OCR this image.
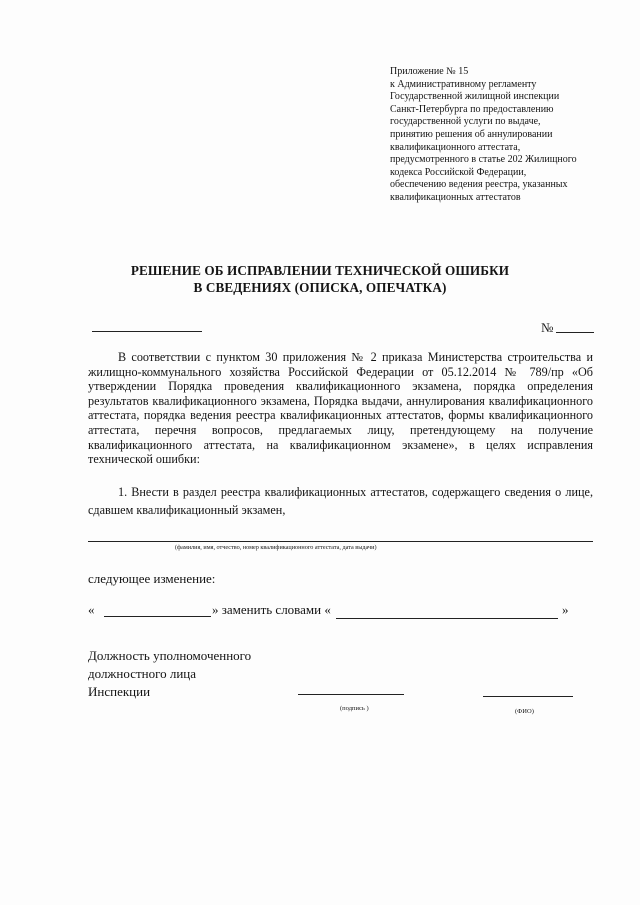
Приложение № 15
к Административному регламенту
Государственной жилищной инспекции
Санкт-Петербурга по предоставлению
государственной услуги по выдаче,
принятию решения об аннулировании
квалификационного аттестата,
предусмотренного в статье 202 Жилищного
кодекса Российской Федерации,
обеспечению ведения реестра, указанных
квалификационных аттестатов
РЕШЕНИЕ ОБ ИСПРАВЛЕНИИ ТЕХНИЧЕСКОЙ ОШИБКИ
В СВЕДЕНИЯХ (ОПИСКА, ОПЕЧАТКА)
№
В соответствии с пунктом 30 приложения № 2 приказа Министерства строительства и жилищно-коммунального хозяйства Российской Федерации от 05.12.2014 № 789/пр «Об утверждении Порядка проведения квалификационного экзамена, порядка определения результатов квалификационного экзамена, Порядка выдачи, аннулирования квалификационного аттестата, порядка ведения реестра квалификационных аттестатов, формы квалификационного аттестата, перечня вопросов, предлагаемых лицу, претендующему на получение квалификационного аттестата, на квалификационном экзамене», в целях исправления технической ошибки:
1. Внести в раздел реестра квалификационных аттестатов, содержащего сведения о лице, сдавшем квалификационный экзамен,
(фамилия, имя, отчество, номер квалификационного аттестата, дата выдачи)
следующее изменение:
«	» заменить словами «	»
Должность уполномоченного
должностного лица
Инспекции
(подпись )	(ФИО)
